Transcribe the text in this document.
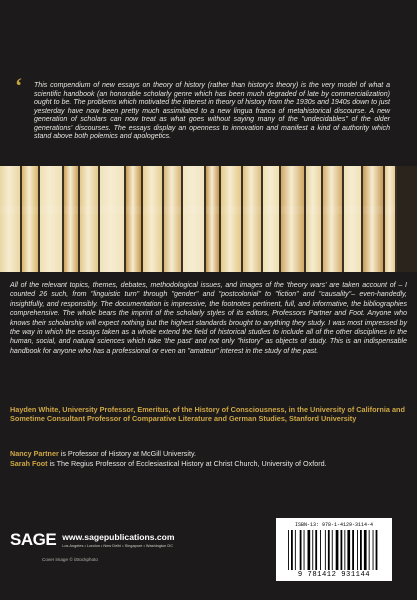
‘ This compendium of new essays on theory of history (rather than history's theory) is the very model of what a scientific handbook (an honorable scholarly genre which has been much degraded of late by commercialization) ought to be. The problems which motivated the interest in theory of history from the 1930s and 1940s down to just yesterday have now been pretty much assimilated to a new lingua franca of metahistorical discourse. A new generation of scholars can now treat as what goes without saying many of the "undecidables" of the older generations' discourses. The essays display an openness to innovation and manifest a kind of authority which stand above both polemics and apologetics.
All of the relevant topics, themes, debates, methodological issues, and images of the 'theory wars' are taken account of – I counted 26 such, from "linguistic turn" through "gender" and "postcolonial" to "fiction" and "causality"– even-handedly, insightfully, and responsibly. The documentation is impressive, the footnotes pertinent, full, and informative, the bibliographies comprehensive. The whole bears the imprint of the scholarly styles of its editors, Professors Partner and Foot. Anyone who knows their scholarship will expect nothing but the highest standards brought to anything they study. I was most impressed by the way in which the essays taken as a whole extend the field of historical studies to include all of the other disciplines in the human, social, and natural sciences which take 'the past' and not only "history" as objects of study. This is an indispensable handbook for anyone who has a professional or even an "amateur" interest in the study of the past.
Hayden White, University Professor, Emeritus, of the History of Consciousness, in the University of California and Sometime Consultant Professor of Comparative Literature and German Studies, Stanford University
Nancy Partner is Professor of History at McGill University.
Sarah Foot is The Regius Professor of Ecclesiastical History at Christ Church, University of Oxford.
SAGE www.sagepublications.com
Los Angeles • London • New Delhi • Singapore • Washington DC
Cover image © iStockphoto
ISBN-13: 978-1-4129-3114-4
9 781412 931144
